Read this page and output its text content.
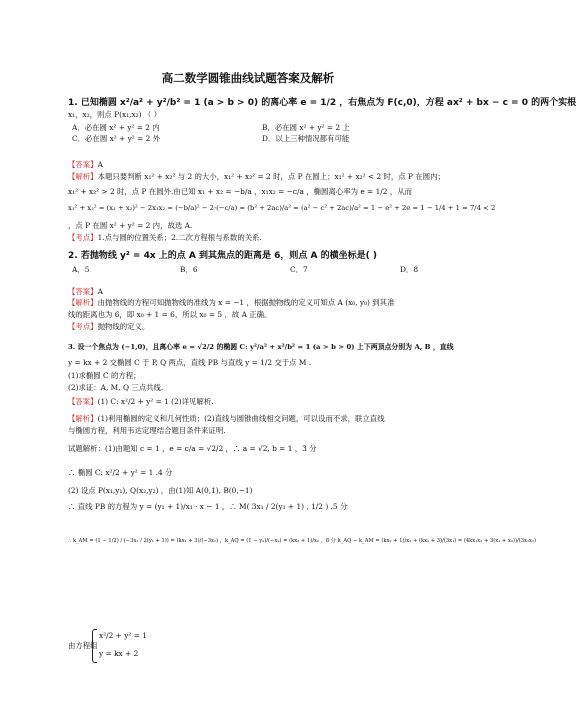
高二数学圆锥曲线试题答案及解析
1. 已知椭圆 x²/a² + y²/b² = 1 (a > b > 0) 的离心率 e = 1/2 ，右焦点为 F(c,0)，方程 ax² + bx − c = 0 的两个实根
x₁，x₂，则点 P(x₁,x₂) （ ）
A．必在圆 x² + y² = 2 内	B．必在圆 x² + y² = 2 上
C．必在圆 x² + y² = 2 外	D．以上三种情况都有可能
【答案】A
【解析】本题只要判断 x₁² + x₂² 与 2 的大小，x₁² + x₂² = 2 时，点 P 在圆上；x₁² + x₂² < 2 时，点 P 在圆内；
x₁² + x₂² > 2 时，点 P 在圆外.由已知 x₁ + x₂ = −b/a ，x₁x₂ = −c/a ，椭圆离心率为 e = 1/2 ，从而
x₁² + x₂² = (x₁ + x₂)² − 2x₁x₂ = (−b/a)² − 2·(−c/a) = (b² + 2ac)/a² = (a² − c² + 2ac)/a² = 1 − e² + 2e = 1 − 1/4 + 1 = 7/4 < 2
，点 P 在圆 x² + y² = 2 内，故选 A.
【考点】1.点与圆的位置关系；2.二次方程根与系数的关系.
2. 若抛物线 y² = 4x 上的点 A 到其焦点的距离是 6，则点 A 的横坐标是( )
A．5	B．6	C．7	D．8
【答案】A
【解析】由抛物线的方程可知抛物线的准线为 x = −1 ，根据抛物线的定义可知点 A (x₀, y₀) 到其准
线的距离也为 6，即 x₀ + 1 = 6，所以 x₀ = 5 ．故 A 正确。
【考点】抛物线的定义。
3. 设一个焦点为 (−1,0)，且离心率 e = √2/2 的椭圆 C: y²/a² + x²/b² = 1 (a > b > 0) 上下两顶点分别为 A, B ，直线
y = kx + 2 交椭圆 C 于 P, Q 两点，直线 PB 与直线 y = 1/2 交于点 M .
(1)求椭圆 C 的方程；
(2)求证：A, M, Q 三点共线.
【答案】(1) C: x²/2 + y² = 1 (2)详见解析.
【解析】(1)利用椭圆的定义和几何性质；(2)直线与圆锥曲线相交问题，可以设而不求，联立直线
与椭圆方程，利用韦达定理结合题目条件来证明.
试题解析：(1)由题知 c = 1 ，e = c/a = √2/2 ，∴ a = √2, b = 1 ，3 分
∴ 椭圆 C: x²/2 + y² = 1 .4 分
(2) 设点 P(x₁,y₁), Q(x₂,y₂) ，由(1)知 A(0,1), B(0,−1)
∴ 直线 PB 的方程为 y = (y₁ + 1)/x₁ · x − 1 ，∴ M( 3x₁ / 2(y₁ + 1) , 1/2 ) .5 分
∴ k_AM = (1 − 1/2) / (−3x₁ / 2(y₁ + 1)) = (kx₁ + 3)/(−3x₁) ，k_AQ = (1 − y₂)/(−x₂) = (kx₂ + 1)/x₂ ，8 分 k_AQ − k_AM = (kx₂ + 1)/x₂ + (kx₁ + 3)/(3x₁) = (4kx₁x₂ + 3(x₁ + x₂))/(3x₁x₂)
由方程组
x²/2 + y² = 1
y = kx + 2
